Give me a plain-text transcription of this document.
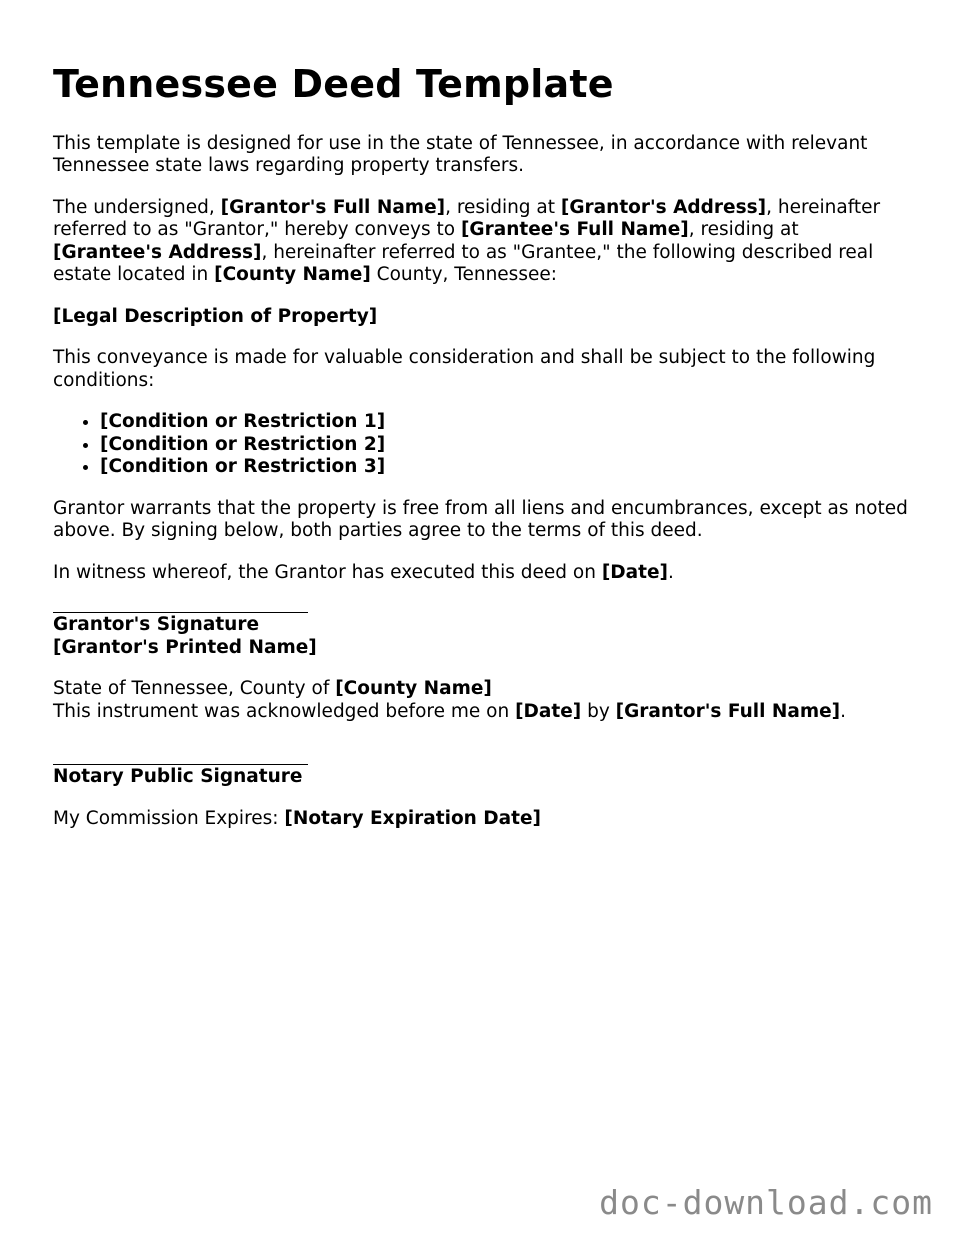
Tennessee Deed Template

This template is designed for use in the state of Tennessee, in accordance with relevant Tennessee state laws regarding property transfers.

The undersigned, [Grantor's Full Name], residing at [Grantor's Address], hereinafter referred to as "Grantor," hereby conveys to [Grantee's Full Name], residing at [Grantee's Address], hereinafter referred to as "Grantee," the following described real estate located in [County Name] County, Tennessee:

[Legal Description of Property]

This conveyance is made for valuable consideration and shall be subject to the following conditions:

• [Condition or Restriction 1]
• [Condition or Restriction 2]
• [Condition or Restriction 3]

Grantor warrants that the property is free from all liens and encumbrances, except as noted above. By signing below, both parties agree to the terms of this deed.

In witness whereof, the Grantor has executed this deed on [Date].

Grantor's Signature
[Grantor's Printed Name]

State of Tennessee, County of [County Name]
This instrument was acknowledged before me on [Date] by [Grantor's Full Name].

Notary Public Signature

My Commission Expires: [Notary Expiration Date]

doc-download.com
